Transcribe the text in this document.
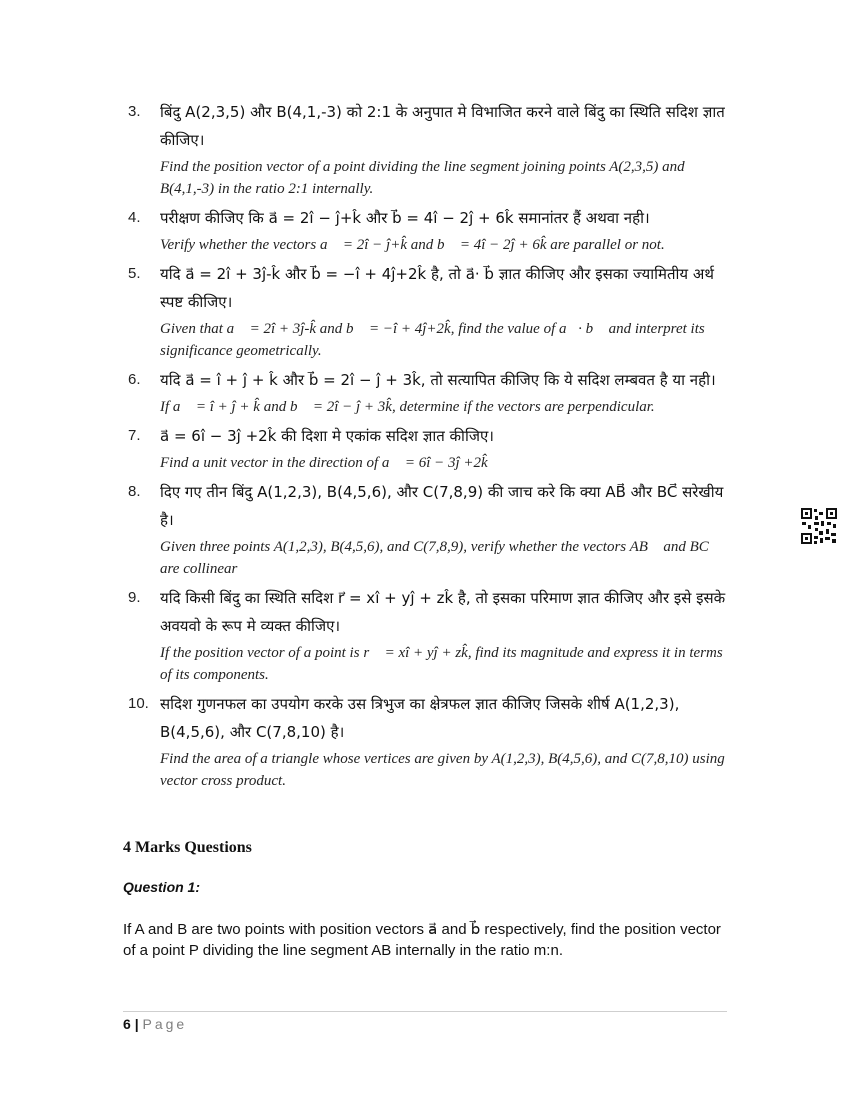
3. बिंदु A(2,3,5) और B(4,1,-3) को 2:1 के अनुपात मे विभाजित करने वाले बिंदु का स्थिति सदिश ज्ञात कीजिए।

Find the position vector of a point dividing the line segment joining points A(2,3,5) and B(4,1,-3) in the ratio 2:1 internally.

4. परीक्षण कीजिए कि a⃗ = 2î − ĵ+k̂ और b⃗ = 4î − 2ĵ + 6k̂ समानांतर हैं अथवा नही।

Verify whether the vectors a⃗ = 2î − ĵ+k̂ and b⃗ = 4î − 2ĵ + 6k̂ are parallel or not.

5. यदि a⃗ = 2î + 3ĵ-k̂ और b⃗ = −î + 4ĵ+2k̂ है, तो a⃗· b⃗ ज्ञात कीजिए और इसका ज्यामितीय अर्थ स्पष्ट कीजिए।

Given that a⃗ = 2î + 3ĵ-k̂ and b⃗ = −î + 4ĵ+2k̂, find the value of a⃗· b⃗ and interpret its significance geometrically.

6. यदि a⃗ = î + ĵ + k̂ और b⃗ = 2î − ĵ + 3k̂, तो सत्यापित कीजिए कि ये सदिश लम्बवत है या नही।

If a⃗ = î + ĵ + k̂ and b⃗ = 2î − ĵ + 3k̂, determine if the vectors are perpendicular.

7. a⃗ = 6î − 3ĵ +2k̂ की दिशा मे एकांक सदिश ज्ञात कीजिए।

Find a unit vector in the direction of a⃗ = 6î − 3ĵ +2k̂

8. दिए गए तीन बिंदु A(1,2,3), B(4,5,6), और C(7,8,9) की जाच करे कि क्या AB⃗ और BC⃗ सरेखीय है।

Given three points A(1,2,3), B(4,5,6), and C(7,8,9), verify whether the vectors AB⃗ and BC⃗ are collinear

9. यदि किसी बिंदु का स्थिति सदिश r⃗ = xî + yĵ + zk̂ है, तो इसका परिमाण ज्ञात कीजिए और इसे इसके अवयवो के रूप मे व्यक्त कीजिए।

If the position vector of a point is r⃗ = xî + yĵ + zk̂, find its magnitude and express it in terms of its components.

10. सदिश गुणनफल का उपयोग करके उस त्रिभुज का क्षेत्रफल ज्ञात कीजिए जिसके शीर्ष A(1,2,3), B(4,5,6), और C(7,8,10) है।

Find the area of a triangle whose vertices are given by A(1,2,3), B(4,5,6), and C(7,8,10) using vector cross product.

4 Marks Questions
Question 1:
If A and B are two points with position vectors a⃗ and b⃗ respectively, find the position vector of a point P dividing the line segment AB internally in the ratio m:n.
6 | Page
